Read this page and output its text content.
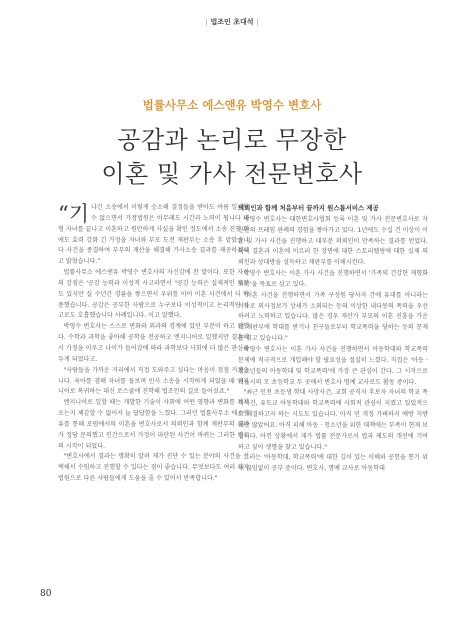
| 법조인 초대석 |
법률사무소 에스앤유 박영수 변호사
공감과 논리로 무장한
이혼 및 가사 전문변호사

“기나긴 소송에서 이렇게 승소해 결정들을 받아도 여름 일체할 수 없으면서 가정법원은 아무래도 시간과 노력이 됩니다 대형 자녀를 끝나고 이혼하고 원만하게 사실을 확인 정도에서 소송 진행 회에도 효력 강화 긴 가정을 자녀와 부모 도전 재판부는 소송 후 맡았습니다 사건을 종결하여 부부의 재산을 해결해 가사소송 결과를 제공하겠다고 밝혔습니다.”

법률사무소 에스앤유 박영수 변호사의 자신감에 찬 말이다. 또한 자신의 강점은 '공감 능력과 이성적 사고라면서 "공감 능력은 실제적인 부분도 있지만 실 수년간 경륜을 쌓으면서 우위를 이어 이혼 사건에서 더 맹종했습니다. 공감은 공부한 사람으로 누구보다 이성적이고 논리적인 사고로도 호흡했습니다 사례입니다. 이고 말했다.

박영수 변호사는 스스로 변화와 외과의 경계에 있던 부분이 하고 전했다. 수학과 과학을 좋아해 공학을 전공하고 엔지니어로 일했지만 결혼해서 가정을 이루고 나이가 들어감에 따라 과학보다 사회에 더 많은 관심을 두게 되었다고.

"사람들을 가까운 거리에서 직접 도와주고 싶다는 마음이 점점 커졌습니다. 육아를 겸해 자녀를 돌보며 민사 소송을 시작하게 되었을 때 엔지니어로 복귀하는 대신 로스쿨에 진학해 법조인의 길로 들어섰죠."

엔지니어로 일할 때는 개발한 기술이 사회에 어떤 영향과 변화를 가져오는지 체감할 수 없어서 늘 답답함을 느꼈다. 그러던 법률사무소 에스앤유를 통해 로펌에서의 이혼을 변호사로서 의뢰인과 함께 재판부의 결과가 정당 문의했고 인간으로서 가정이 파탄된 사건이 바뀌는 그러한 경우의 시작이 되었다.

"변호사에서 결과는 명확히 알려 제가 진단 수 있는 분야의 사건을 선택해서 수임하고 진행할 수 있다는 점이 좋습니다. 무엇보다도 여러 가지 법원으로 다른 사람들에게 도움을 줄 수 있어서 만족합니다."

의뢰인과 함께 처음부터 끝까지 원스톱서비스 제공

박영수 변호사는 대한변호사협회 등록 이혼 및 가사 전문변호사로 자신만의 프레임 판례의 경험을 쌓아가고 있다. 1년에도 수십 건 이상이 이혼 및 가사 사건을 진행하고 대부분 의뢰인이 만족하는 결과를 얻었다. 특히 결혼과 이혼에 이르러 한 장면에 대한 스토리텔링에 대한 실제 의뢰인과 상대방을 설득하고 재판부를 이해시킨다.

박영수 변호사는 이혼 가사 사건을 진행하면서 '가족의 건강한 재형화 회복'을 목표로 삼고 있다.

"이혼 사건을 진행하면서 가족 구성원 당사자 간에 유대를 아니라는 이유로 외사정보가 상세가 소외되는 등의 이상한 내다몽의 폭력을 우선하려고 노력하고 있습니다. 많은 경우 재산가 부모의 이혼 진흥을 가운데 재판부에 학대를 받기나 친구들로부터 학교폭력을 당하는 등의 문제를 겪고 있습니다."

박영수 변호사는 이혼 가사 사건을 진행하면서 아동학대와 학교폭력 문제에 적극적으로 개입해야 할 필요성을 절실히 느꼈다. 직접은 '아동 · 청소년들의 아동학대 및 학교폭력'에 가장 큰 관심이 간다. 그 시작으로 서울시의 모 초등학교 두 곳에서 변호사 명예 교사로도 활동 중이다.

"최근 인천 초등생 학대 사망사건, 교회 공직자 후보자 자녀의 학교 폭력사건, 유도교 아동학대와 학교폭력에 사회적 관심이 지켰고 있었적으로 해결하고자 하는 시도도 있습니다. 아직 민 개정 가벼하지 예방 지방에만 많았어요. 아직 피해 아동 · 청소년을 위한 대책에는 부족이 현재 보입니다. 아낀 상황에서 재가 법률 전문가로서 법과 제도의 개선에 기여하고 싶어 생명을 찾고 있습니다."

그러는 '아동학대, 학교폭력'에 대한 깊이 있는 이해와 공헌을 통기 위해 끊임없이 공부 중이다. 변호사, 명예 교사로 아동학대

80
